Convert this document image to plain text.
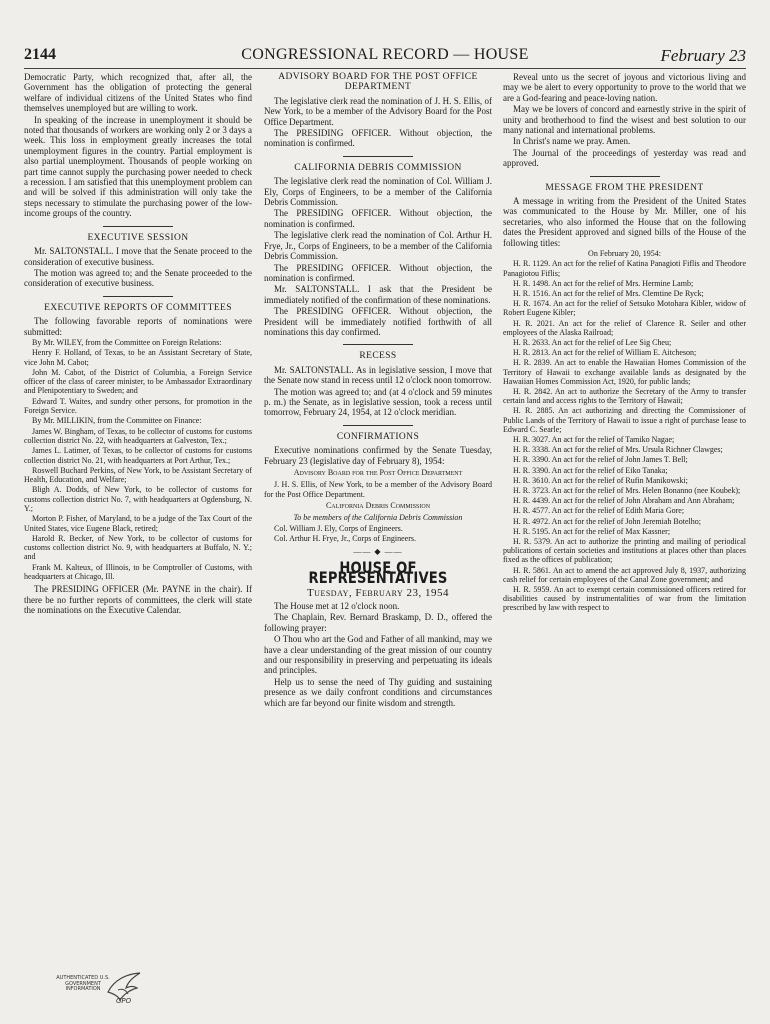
2144	CONGRESSIONAL RECORD — HOUSE	February 23

Democratic Party, which recognized that, after all, the Government has the obligation of protecting the general welfare of individual citizens of the United States who find themselves unemployed but are willing to work.

In speaking of the increase in unemployment it should be noted that thousands of workers are working only 2 or 3 days a week. This loss in employment greatly increases the total unemployment figures in the country. Partial employment is also partial unemployment. Thousands of people working on part time cannot supply the purchasing power needed to check a recession. I am satisfied that this unemployment problem can and will be solved if this administration will only take the steps necessary to stimulate the purchasing power of the low-income groups of the country.

EXECUTIVE SESSION

Mr. SALTONSTALL. I move that the Senate proceed to the consideration of executive business.

The motion was agreed to; and the Senate proceeded to the consideration of executive business.

EXECUTIVE REPORTS OF COMMITTEES

The following favorable reports of nominations were submitted:

By Mr. WILEY, from the Committee on Foreign Relations:

Henry F. Holland, of Texas, to be an Assistant Secretary of State, vice John M. Cabot;

John M. Cabot, of the District of Columbia, a Foreign Service officer of the class of career minister, to be Ambassador Extraordinary and Plenipotentiary to Sweden; and

Edward T. Waites, and sundry other persons, for promotion in the Foreign Service.

By Mr. MILLIKIN, from the Committee on Finance:

James W. Bingham, of Texas, to be collector of customs for customs collection district No. 22, with headquarters at Galveston, Tex.;

James L. Latimer, of Texas, to be collector of customs for customs collection district No. 21, with headquarters at Port Arthur, Tex.;

Roswell Buchard Perkins, of New York, to be Assistant Secretary of Health, Education, and Welfare;

Bligh A. Dodds, of New York, to be collector of customs for customs collection district No. 7, with headquarters at Ogdensburg, N. Y.;

Morton P. Fisher, of Maryland, to be a judge of the Tax Court of the United States, vice Eugene Black, retired;

Harold R. Becker, of New York, to be collector of customs for customs collection district No. 9, with headquarters at Buffalo, N. Y.; and

Frank M. Kalteux, of Illinois, to be Comptroller of Customs, with headquarters at Chicago, Ill.

The PRESIDING OFFICER (Mr. PAYNE in the chair). If there be no further reports of committees, the clerk will state the nominations on the Executive Calendar.

ADVISORY BOARD FOR THE POST OFFICE DEPARTMENT

The legislative clerk read the nomination of J. H. S. Ellis, of New York, to be a member of the Advisory Board for the Post Office Department.

The PRESIDING OFFICER. Without objection, the nomination is confirmed.

CALIFORNIA DEBRIS COMMISSION

The legislative clerk read the nomination of Col. William J. Ely, Corps of Engineers, to be a member of the California Debris Commission.

The PRESIDING OFFICER. Without objection, the nomination is confirmed.

The legislative clerk read the nomination of Col. Arthur H. Frye, Jr., Corps of Engineers, to be a member of the California Debris Commission.

The PRESIDING OFFICER. Without objection, the nomination is confirmed.

Mr. SALTONSTALL. I ask that the President be immediately notified of the confirmation of these nominations.

The PRESIDING OFFICER. Without objection, the President will be immediately notified forthwith of all nominations this day confirmed.

RECESS

Mr. SALTONSTALL. As in legislative session, I move that the Senate now stand in recess until 12 o'clock noon tomorrow.

The motion was agreed to; and (at 4 o'clock and 59 minutes p. m.) the Senate, as in legislative session, took a recess until tomorrow, February 24, 1954, at 12 o'clock meridian.

CONFIRMATIONS

Executive nominations confirmed by the Senate Tuesday, February 23 (legislative day of February 8), 1954:

Advisory Board for the Post Office Department

J. H. S. Ellis, of New York, to be a member of the Advisory Board for the Post Office Department.

California Debris Commission

To be members of the California Debris Commission

Col. William J. Ely, Corps of Engineers.

Col. Arthur H. Frye, Jr., Corps of Engineers.

—— ◆ ——
HOUSE OF REPRESENTATIVES
Tuesday, February 23, 1954

The House met at 12 o'clock noon.

The Chaplain, Rev. Bernard Braskamp, D. D., offered the following prayer:

O Thou who art the God and Father of all mankind, may we have a clear understanding of the great mission of our country and our responsibility in preserving and perpetuating its ideals and principles.

Help us to sense the need of Thy guiding and sustaining presence as we daily confront conditions and circumstances which are far beyond our finite wisdom and strength.

Reveal unto us the secret of joyous and victorious living and may we be alert to every opportunity to prove to the world that we are a God-fearing and peace-loving nation.

May we be lovers of concord and earnestly strive in the spirit of unity and brotherhood to find the wisest and best solution to our many national and international problems.

In Christ's name we pray. Amen.

The Journal of the proceedings of yesterday was read and approved.

MESSAGE FROM THE PRESIDENT

A message in writing from the President of the United States was communicated to the House by Mr. Miller, one of his secretaries, who also informed the House that on the following dates the President approved and signed bills of the House of the following titles:

On February 20, 1954:

H. R. 1129. An act for the relief of Katina Panagioti Fiflis and Theodore Panagiotou Fiflis;

H. R. 1498. An act for the relief of Mrs. Hermine Lamb;

H. R. 1516. An act for the relief of Mrs. Clemtine De Ryck;

H. R. 1674. An act for the relief of Setsuko Motohara Kibler, widow of Robert Eugene Kibler;

H. R. 2021. An act for the relief of Clarence R. Seiler and other employees of the Alaska Railroad;

H. R. 2633. An act for the relief of Lee Sig Cheu;

H. R. 2813. An act for the relief of William E. Aitcheson;

H. R. 2839. An act to enable the Hawaiian Homes Commission of the Territory of Hawaii to exchange available lands as designated by the Hawaiian Homes Commission Act, 1920, for public lands;

H. R. 2842. An act to authorize the Secretary of the Army to transfer certain land and access rights to the Territory of Hawaii;

H. R. 2885. An act authorizing and directing the Commissioner of Public Lands of the Territory of Hawaii to issue a right of purchase lease to Edward C. Searle;

H. R. 3027. An act for the relief of Tamiko Nagae;

H. R. 3338. An act for the relief of Mrs. Ursula Richner Clawges;

H. R. 3390. An act for the relief of John James T. Bell;

H. R. 3390. An act for the relief of Eiko Tanaka;

H. R. 3610. An act for the relief of Rufin Manikowski;

H. R. 3723. An act for the relief of Mrs. Helen Bonanno (nee Koubek);

H. R. 4439. An act for the relief of John Abraham and Ann Abraham;

H. R. 4577. An act for the relief of Edith Maria Gore;

H. R. 4972. An act for the relief of John Jeremiah Botelho;

H. R. 5195. An act for the relief of Max Kassner;

H. R. 5379. An act to authorize the printing and mailing of periodical publications of certain societies and institutions at places other than places fixed as the offices of publication;

H. R. 5861. An act to amend the act approved July 8, 1937, authorizing cash relief for certain employees of the Canal Zone government; and

H. R. 5959. An act to exempt certain commissioned officers retired for disabilities caused by instrumentalities of war from the limitation prescribed by law with respect to

AUTHENTICATED U.S. GOVERNMENT INFORMATION
GPO
